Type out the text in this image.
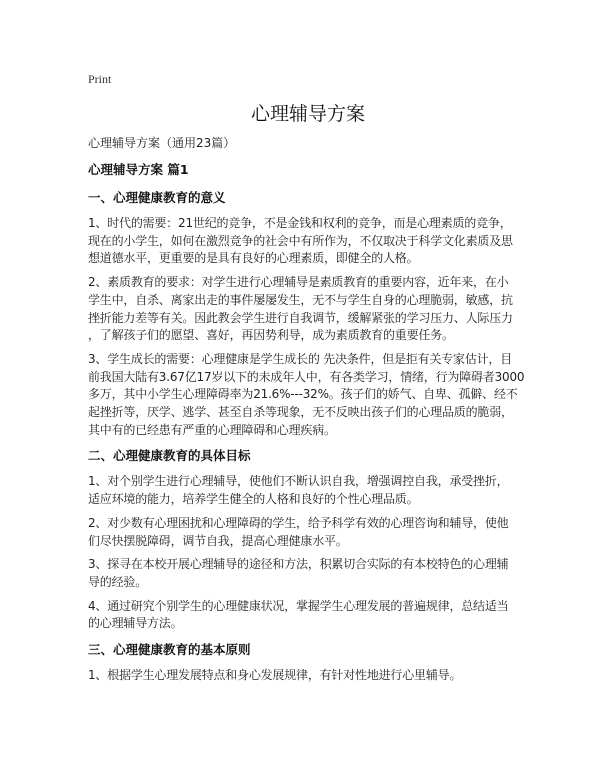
Print
心理辅导方案
心理辅导方案（通用23篇）
心理辅导方案 篇1
一、心理健康教育的意义
1、时代的需要：21世纪的竞争，不是金钱和权利的竞争，而是心理素质的竞争，
现在的小学生，如何在激烈竞争的社会中有所作为，不仅取决于科学文化素质及思
想道德水平，更重要的是具有良好的心理素质，即健全的人格。
2、素质教育的要求：对学生进行心理辅导是素质教育的重要内容，近年来，在小
学生中，自杀、离家出走的事件屡屡发生，无不与学生自身的心理脆弱，敏感，抗
挫折能力差等有关。因此教会学生进行自我调节，缓解紧张的学习压力、人际压力
，了解孩子们的愿望、喜好，再因势利导，成为素质教育的重要任务。
3、学生成长的需要：心理健康是学生成长的 先决条件，但是拒有关专家估计，目
前我国大陆有3.67亿17岁以下的未成年人中，有各类学习，情绪，行为障碍者3000
多万，其中小学生心理障碍率为21.6%---32%。孩子们的娇气、自卑、孤僻、经不
起挫折等，厌学、逃学、甚至自杀等现象，无不反映出孩子们的心理品质的脆弱，
其中有的已经患有严重的心理障碍和心理疾病。
二、心理健康教育的具体目标
1、对个别学生进行心理辅导，使他们不断认识自我，增强调控自我，承受挫折，
适应环境的能力，培养学生健全的人格和良好的个性心理品质。
2、对少数有心理困扰和心理障碍的学生，给予科学有效的心理咨询和辅导，使他
们尽快摆脱障碍，调节自我，提高心理健康水平。
3、探寻在本校开展心理辅导的途径和方法，积累切合实际的有本校特色的心理辅
导的经验。
4、通过研究个别学生的心理健康状况，掌握学生心理发展的普遍规律，总结适当
的心理辅导方法。
三、心理健康教育的基本原则
1、根据学生心理发展特点和身心发展规律，有针对性地进行心里辅导。
